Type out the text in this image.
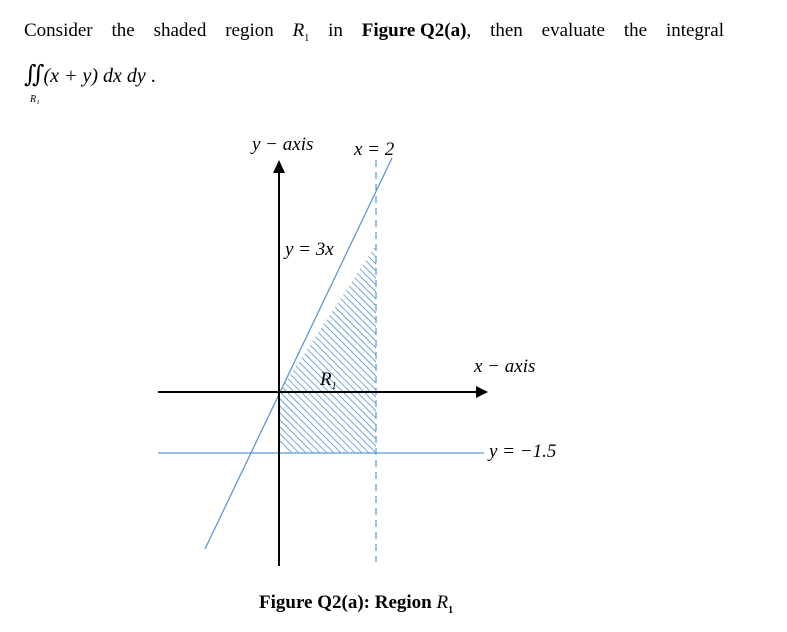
Consider the shaded region $R_1$ in Figure Q2(a), then evaluate the integral
∬ (x + y) dx dy .
R₁
y − axis
x − axis
x = 2
y = 3x
y = −1.5
$R_1$
Figure Q2(a): Region $R_1$
